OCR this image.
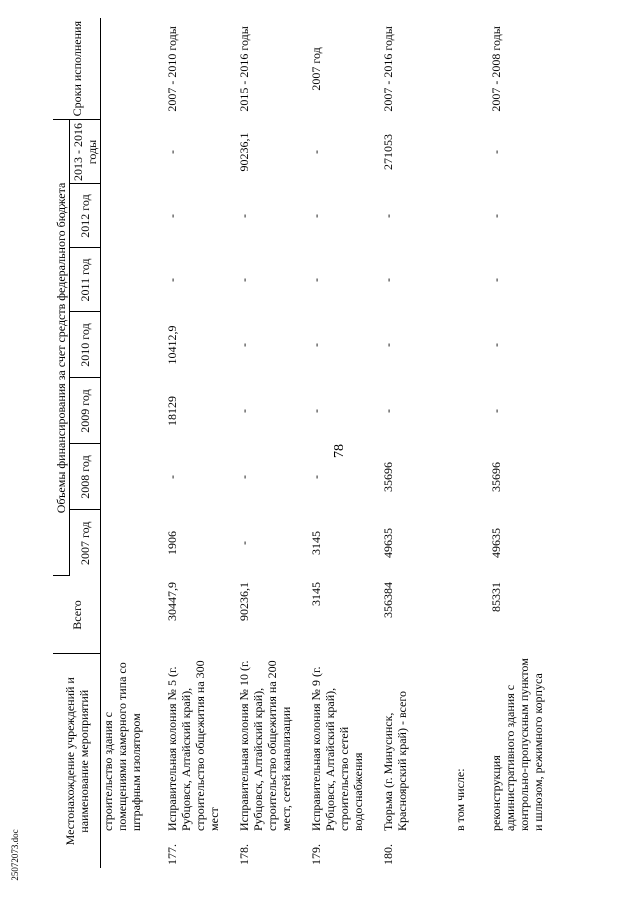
78
2507207З.doc
Местонахождение учреждений и наименование мероприятий	Всего	Объемы финансирования за счет средств федерального бюджета							Сроки исполнения
		2007 год	2008 год	2009 год	2010 год	2011 год	2012 год	2013 - 2016 годы	
строительство здания с помещениями камерного типа со штрафным изолятором									
177.Исправительная колония № 5 (г. Рубцовск, Алтайский край), строительство общежития на 300 мест	30447,9	1906	-	18129	10412,9	-	-	-	2007 - 2010 годы
178.Исправительная колония № 10 (г. Рубцовск, Алтайский край), строительство общежития на 200 мест, сетей канализации	90236,1	-	-	-	-	-	-	90236,1	2015 - 2016 годы
179.Исправительная колония № 9 (г. Рубцовск, Алтайский край), строительство сетей водоснабжения	3145	3145	-	-	-	-	-	-	2007 год
180.Тюрьма (г. Минусинск, Красноярский край) - всего	356384	49635	35696	-	-	-	-	271053	2007 - 2016 годы
в том числе:									
реконструкция административного здания с контрольно-пропускным пунктом и шлюзом, режимного корпуса	85331	49635	35696	-	-	-	-	-	2007 - 2008 годы
